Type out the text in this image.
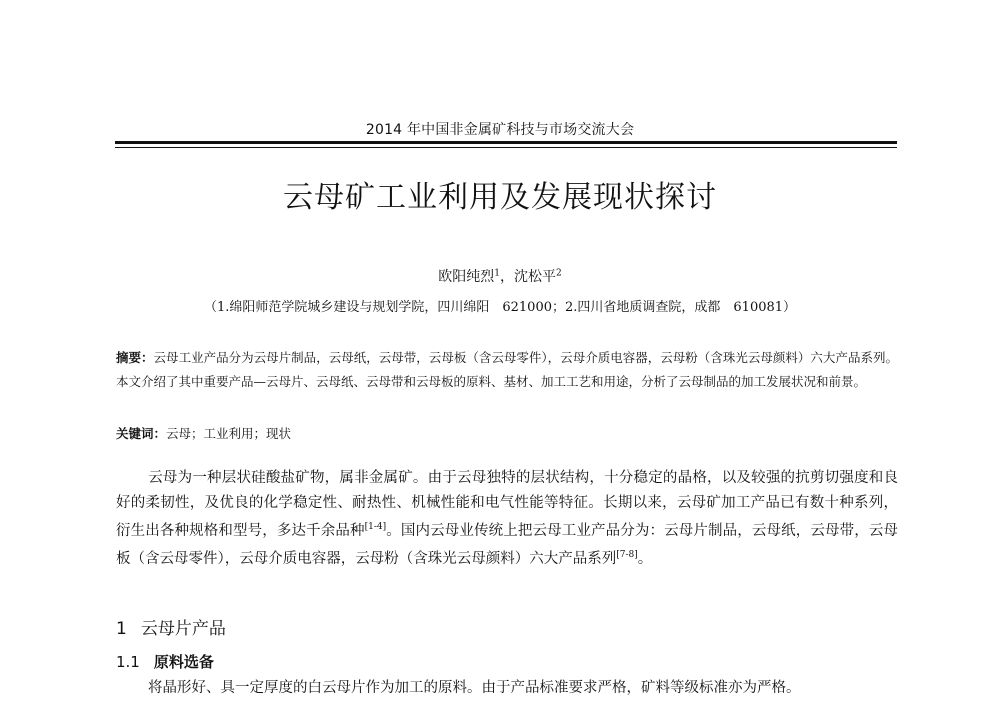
2014 年中国非金属矿科技与市场交流大会
云母矿工业利用及发展现状探讨
欧阳纯烈$^1$，沈松平$^2$
（1.绵阳师范学院城乡建设与规划学院，四川绵阳　621000；2.四川省地质调查院，成都　610081）
摘要：云母工业产品分为云母片制品，云母纸，云母带，云母板（含云母零件），云母介质电容器，云母粉（含珠光云母颜料）六大产品系列。本文介绍了其中重要产品—云母片、云母纸、云母带和云母板的原料、基材、加工工艺和用途，分析了云母制品的加工发展状况和前景。
关键词：云母；工业利用；现状
云母为一种层状硅酸盐矿物，属非金属矿。由于云母独特的层状结构，十分稳定的晶格，以及较强的抗剪切强度和良好的柔韧性，及优良的化学稳定性、耐热性、机械性能和电气性能等特征。长期以来，云母矿加工产品已有数十种系列，衍生出各种规格和型号，多达千余品种[1-4]。国内云母业传统上把云母工业产品分为：云母片制品，云母纸，云母带，云母板（含云母零件），云母介质电容器，云母粉（含珠光云母颜料）六大产品系列[7-8]。
1 云母片产品
1.1 原料选备
将晶形好、具一定厚度的白云母片作为加工的原料。由于产品标准要求严格，矿料等级标准亦为严格。
